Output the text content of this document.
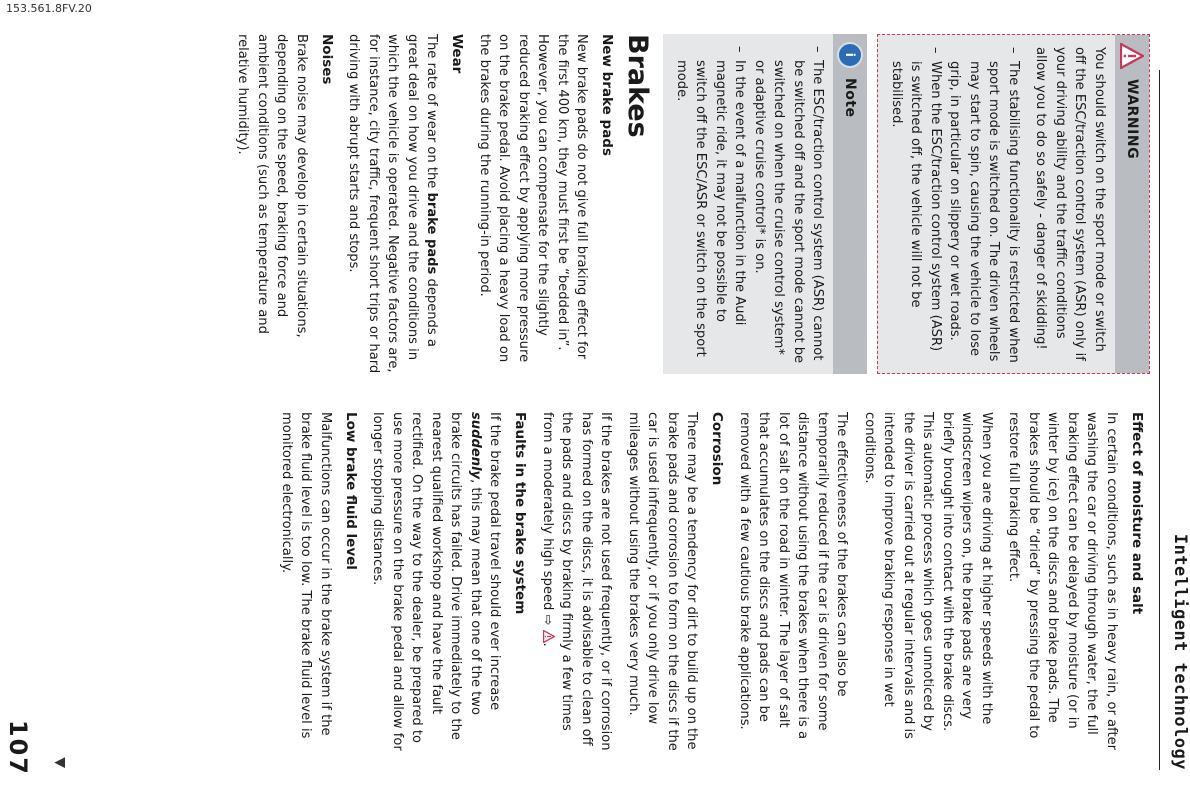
153.561.8FV.20
Intelligent technology
▼
107
WARNING

You should switch on the sport mode or switch off the ESC/traction control system (ASR) only if your driving ability and the traffic conditions allow you to do so safely - danger of skidding!

– The stabilising functionality is restricted when sport mode is switched on. The driven wheels may start to spin, causing the vehicle to lose grip, in particular on slippery or wet roads.
– When the ESC/traction control system (ASR) is switched off, the vehicle will not be stabilised.
i
Note
– The ESC/traction control system (ASR) cannot be switched off and the sport mode cannot be switched on when the cruise control system* or adaptive cruise control* is on.
– In the event of a malfunction in the Audi magnetic ride, it may not be possible to switch off the ESC/ASR or switch on the sport mode.
Brakes
New brake pads

New brake pads do not give full braking effect for the first 400 km, they must first be “bedded in”. However, you can compensate for the slightly reduced braking effect by applying more pressure on the brake pedal. Avoid placing a heavy load on the brakes during the running-in period.

Wear

The rate of wear on the brake pads depends a great deal on how you drive and the conditions in which the vehicle is operated. Negative factors are, for instance, city traffic, frequent short trips or hard driving with abrupt starts and stops.

Noises

Brake noise may develop in certain situations, depending on the speed, braking force and ambient conditions (such as temperature and relative humidity).

Effect of moisture and salt

In certain conditions, such as in heavy rain, or after washing the car or driving through water, the full braking effect can be delayed by moisture (or in winter by ice) on the discs and brake pads. The brakes should be “dried” by pressing the pedal to restore full braking effect.

When you are driving at higher speeds with the windscreen wipers on, the brake pads are very briefly brought into contact with the brake discs. This automatic process which goes unnoticed by the driver is carried out at regular intervals and is intended to improve braking response in wet conditions.

The effectiveness of the brakes can also be temporarily reduced if the car is driven for some distance without using the brakes when there is a lot of salt on the road in winter. The layer of salt that accumulates on the discs and pads can be removed with a few cautious brake applications.

Corrosion

There may be a tendency for dirt to build up on the brake pads and corrosion to form on the discs if the car is used infrequently, or if you only drive low mileages without using the brakes very much.

If the brakes are not used frequently, or if corrosion has formed on the discs, it is advisable to clean off the pads and discs by braking firmly a few times from a moderately high speed ⇨ .

Faults in the brake system

If the brake pedal travel should ever increase suddenly, this may mean that one of the two brake circuits has failed. Drive immediately to the nearest qualified workshop and have the fault rectified. On the way to the dealer, be prepared to use more pressure on the brake pedal and allow for longer stopping distances.

Low brake fluid level

Malfunctions can occur in the brake system if the brake fluid level is too low. The brake fluid level is monitored electronically.
